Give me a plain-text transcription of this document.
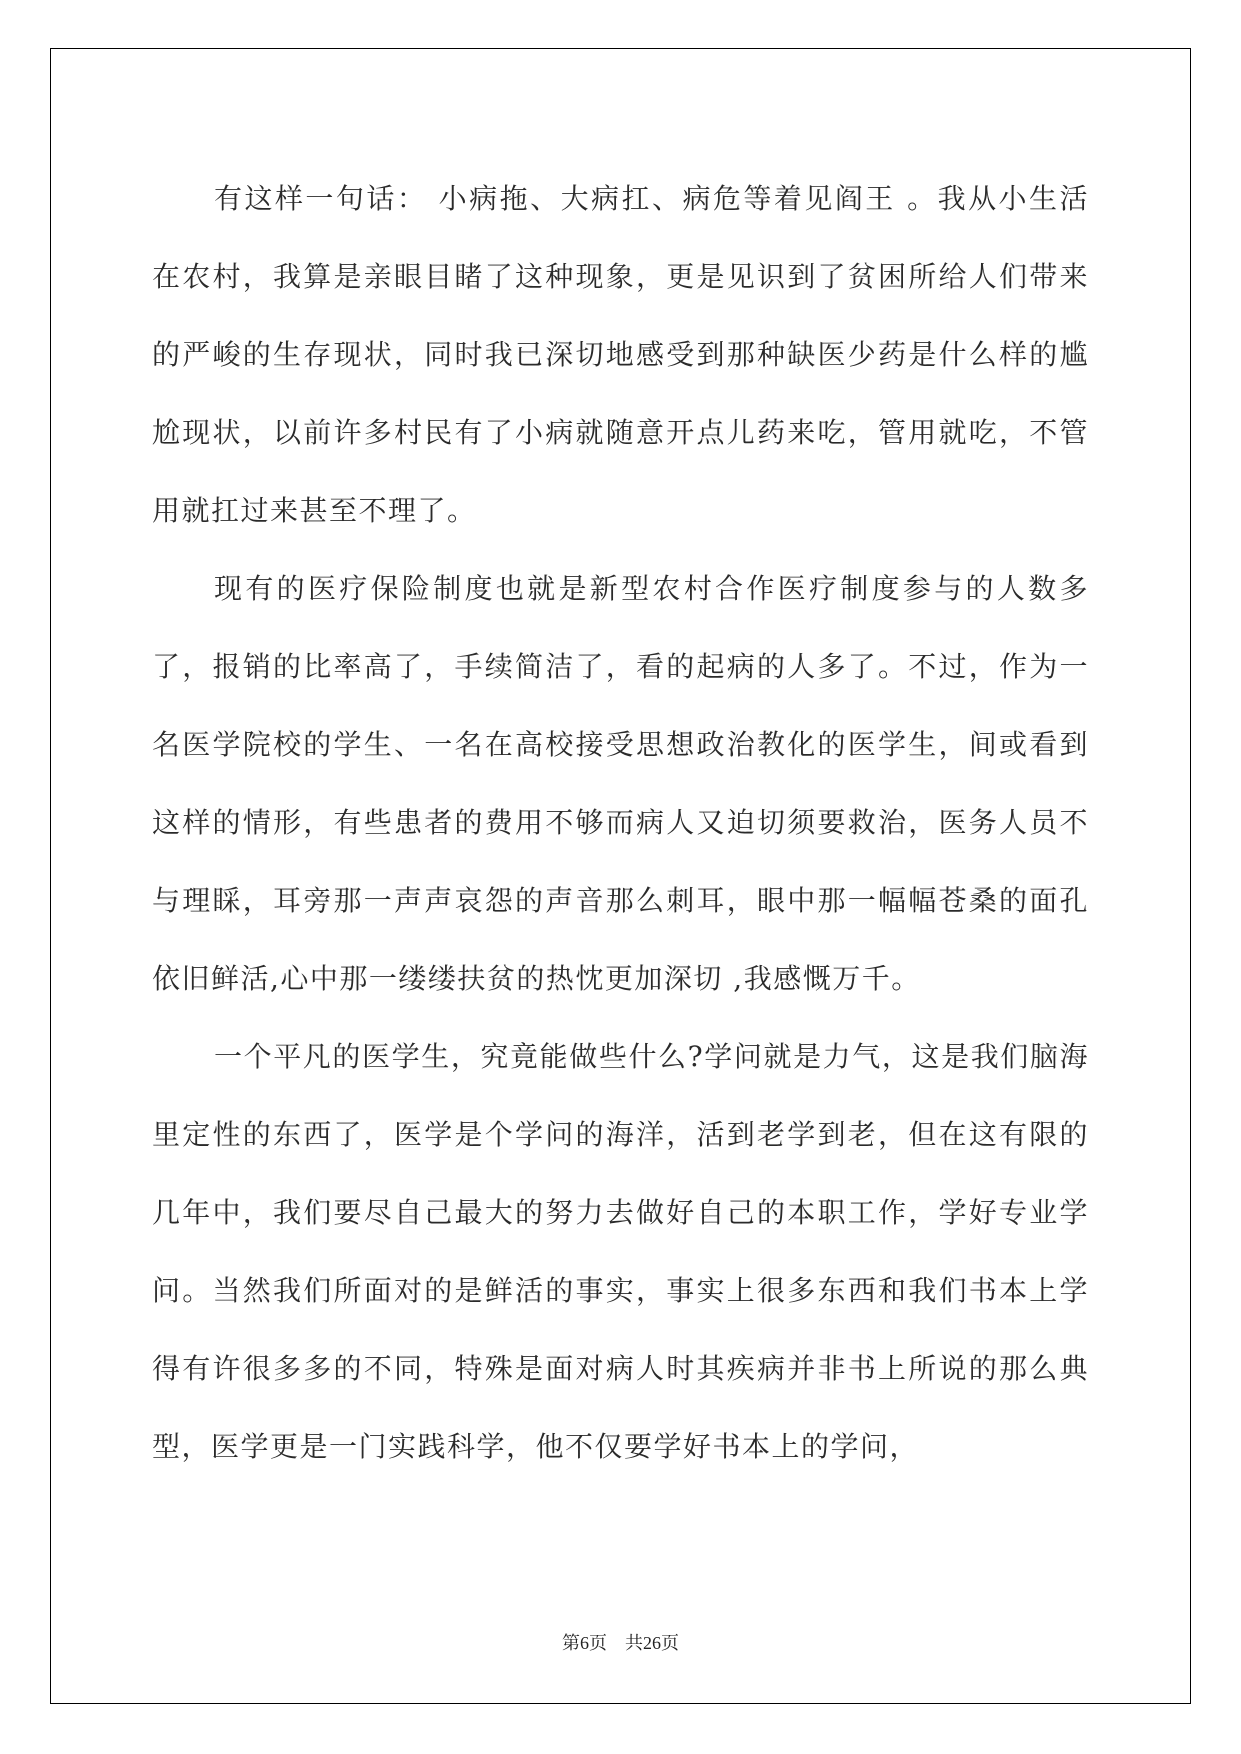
有这样一句话： 小病拖、大病扛、病危等着见阎王 。我从小生活在农村，我算是亲眼目睹了这种现象，更是见识到了贫困所给人们带来的严峻的生存现状，同时我已深切地感受到那种缺医少药是什么样的尴尬现状，以前许多村民有了小病就随意开点儿药来吃，管用就吃，不管用就扛过来甚至不理了。

现有的医疗保险制度也就是新型农村合作医疗制度参与的人数多了，报销的比率高了，手续简洁了，看的起病的人多了。不过，作为一名医学院校的学生、一名在高校接受思想政治教化的医学生，间或看到这样的情形，有些患者的费用不够而病人又迫切须要救治，医务人员不与理睬，耳旁那一声声哀怨的声音那么刺耳，眼中那一幅幅苍桑的面孔依旧鲜活,心中那一缕缕扶贫的热忱更加深切 ,我感慨万千。

一个平凡的医学生，究竟能做些什么?学问就是力气，这是我们脑海里定性的东西了，医学是个学问的海洋，活到老学到老，但在这有限的几年中，我们要尽自己最大的努力去做好自己的本职工作，学好专业学问。当然我们所面对的是鲜活的事实，事实上很多东西和我们书本上学得有许很多多的不同，特殊是面对病人时其疾病并非书上所说的那么典型，医学更是一门实践科学，他不仅要学好书本上的学问，

第6页　共26页
